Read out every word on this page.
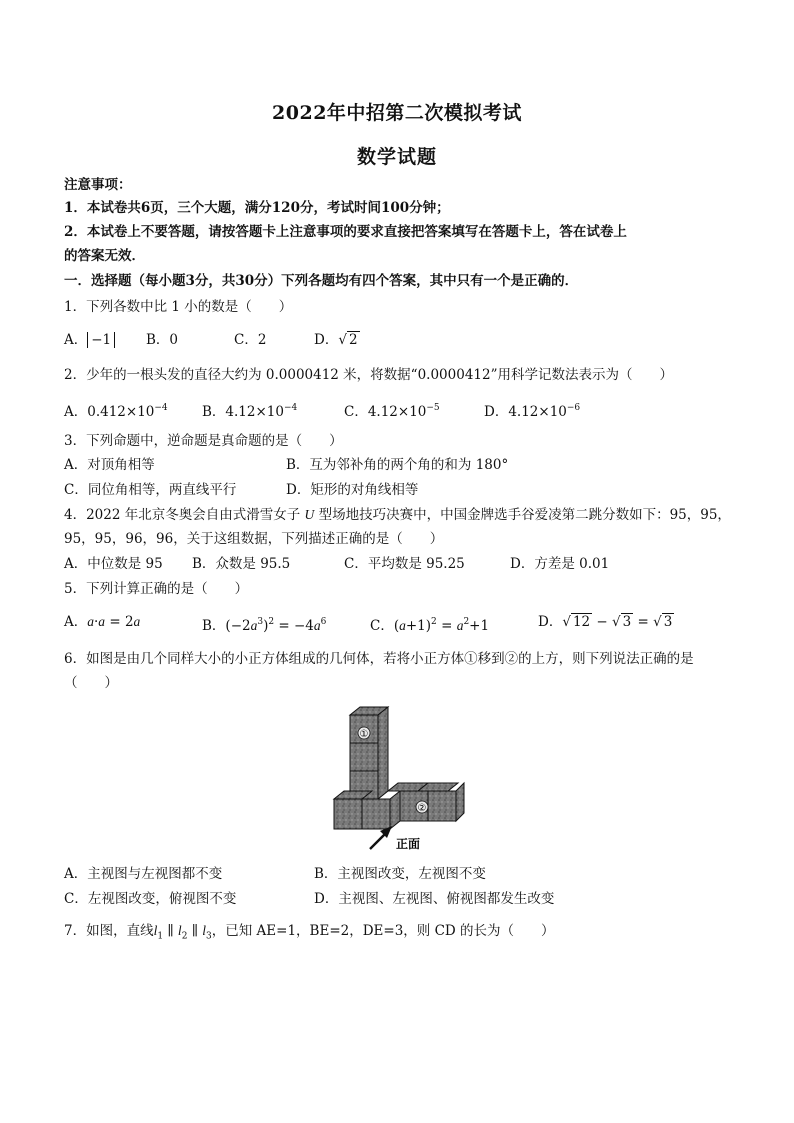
2022年中招第二次模拟考试
数学试题
注意事项：
1．本试卷共6页，三个大题，满分120分，考试时间100分钟；
2．本试卷上不要答题，请按答题卡上注意事项的要求直接把答案填写在答题卡上，答在试卷上
的答案无效．
一．选择题（每小题3分，共30分）下列各题均有四个答案，其中只有一个是正确的．
1．下列各数中比 1 小的数是（　　）
A． −1	B．0	C．2	D．√ 2
2．少年的一根头发的直径大约为 0.0000412 米，将数据“0.0000412”用科学记数法表示为（　　）
A．$0.412\times 10^{-4}$	B．$4.12\times 10^{-4}$	C．$4.12\times 10^{-5}$	D．$4.12\times 10^{-6}$
3．下列命题中，逆命题是真命题的是（　　）
A．对顶角相等	B．互为邻补角的两个角的和为 180°
C．同位角相等，两直线平行	D．矩形的对角线相等
4．2022 年北京冬奥会自由式滑雪女子 U 型场地技巧决赛中，中国金牌选手谷爱凌第二跳分数如下：95，95，
95，95，96，96，关于这组数据，下列描述正确的是（　　）
A．中位数是 95 B．众数是 95.5	C．平均数是 95.25	D．方差是 0.01
5．下列计算正确的是（　　）
A．a·a = 2a	B．$(-2a^3)^2 = -4a^6$	C．$(a+1)^2 = a^2+1$	D．√ 12 − √ 3 = √ 3
6．如图是由几个同样大小的小正方体组成的几何体，若将小正方体①移到②的上方，则下列说法正确的是
（　　）
①
②
正面
A．主视图与左视图都不变	B．主视图改变，左视图不变
C．左视图改变，俯视图不变	D．主视图、左视图、俯视图都发生改变
7．如图，直线$l_1$ ∥ $l_2$ ∥ $l_3$，已知 AE=1，BE=2，DE=3，则 CD 的长为（　　）
